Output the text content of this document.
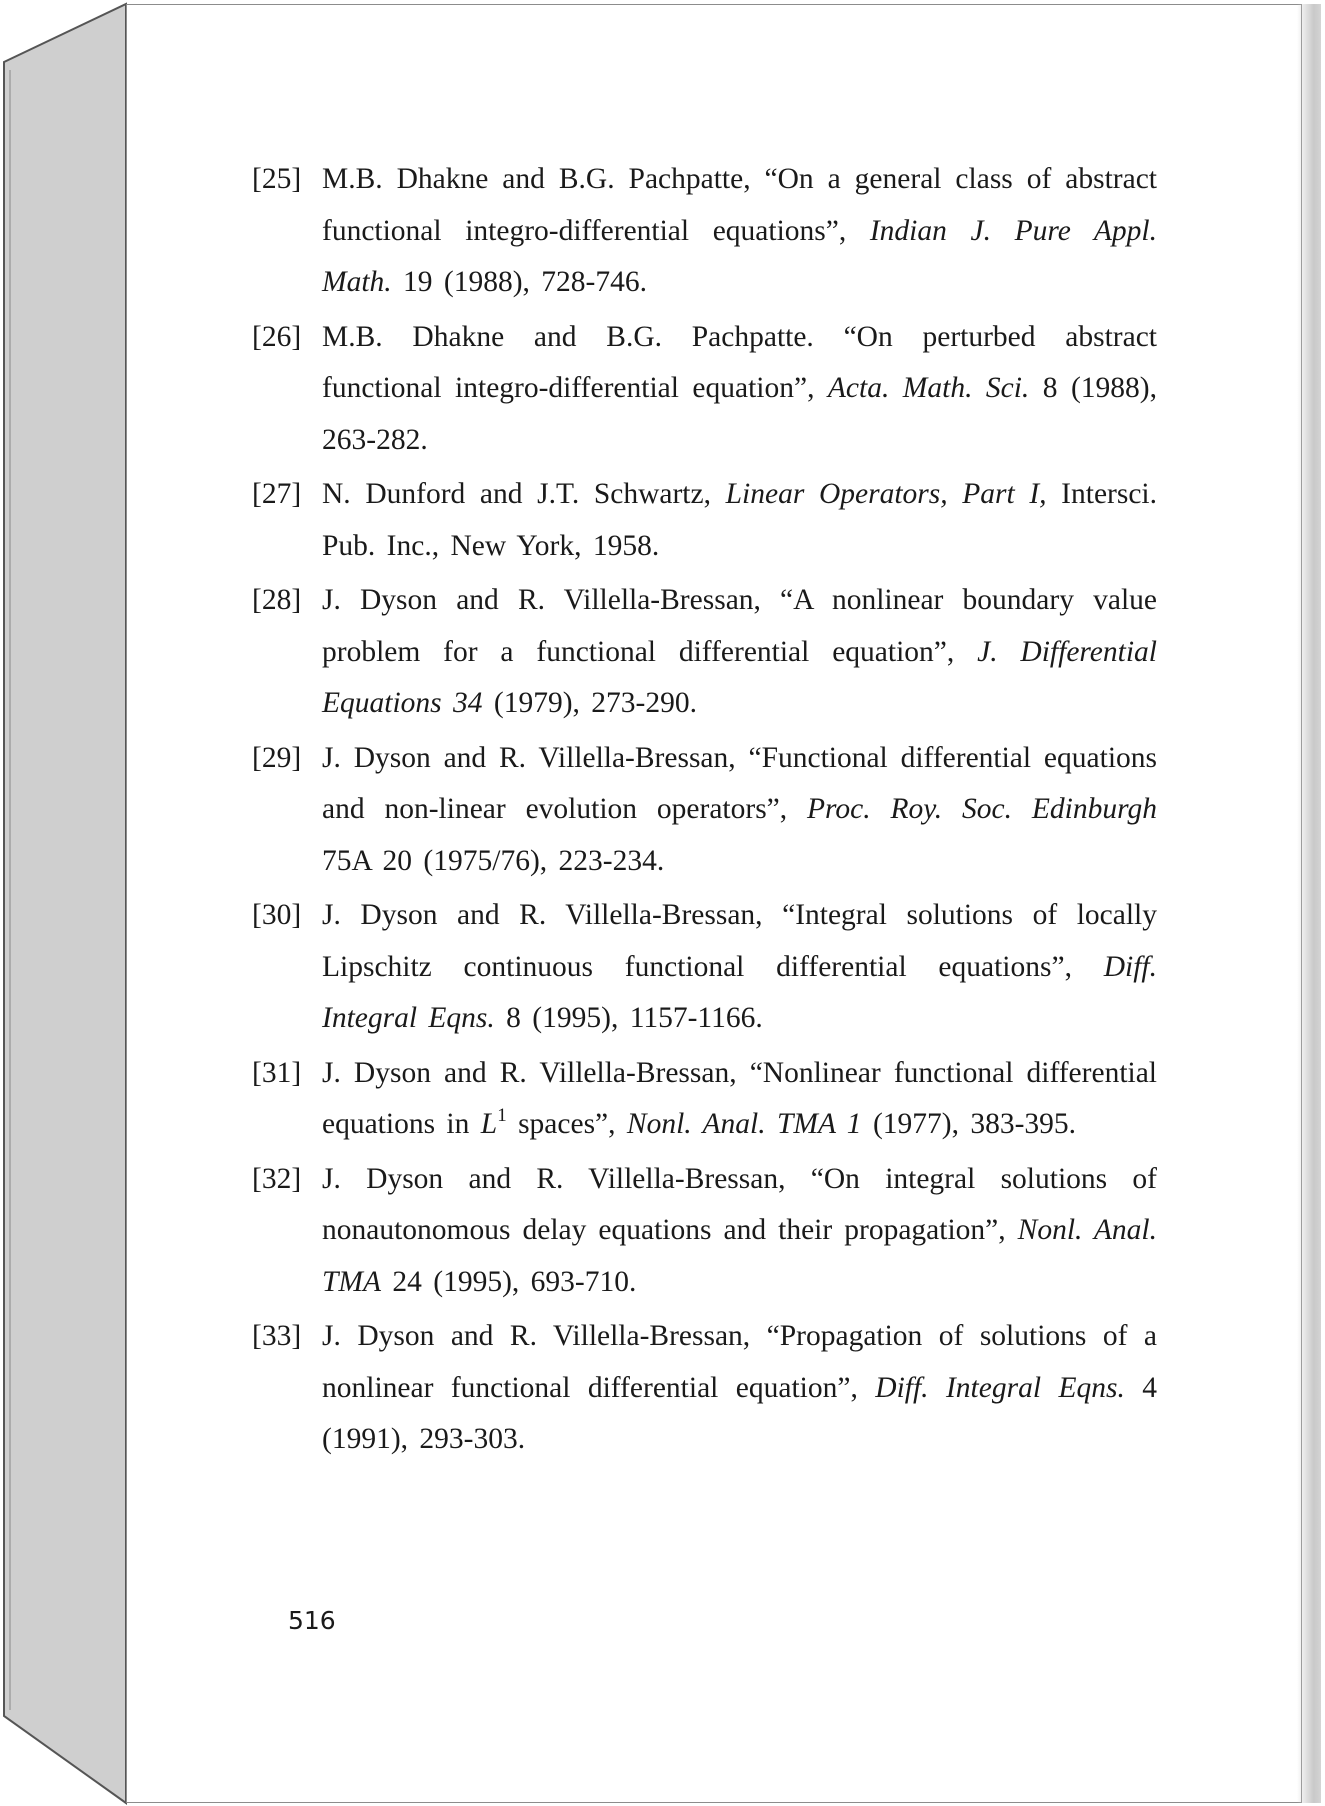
[25] M.B. Dhakne and B.G. Pachpatte, “On a general class of abstract functional integro-differential equations”, Indian J. Pure Appl. Math. 19 (1988), 728-746.
[26] M.B. Dhakne and B.G. Pachpatte. “On perturbed abstract functional integro-differential equation”, Acta. Math. Sci. 8 (1988), 263-282.
[27] N. Dunford and J.T. Schwartz, Linear Operators, Part I, Intersci. Pub. Inc., New York, 1958.
[28] J. Dyson and R. Villella-Bressan, “A nonlinear boundary value problem for a functional differential equation”, J. Differential Equations 34 (1979), 273-290.
[29] J. Dyson and R. Villella-Bressan, “Functional differential equations and non-linear evolution operators”, Proc. Roy. Soc. Edinburgh 75A 20 (1975/76), 223-234.
[30] J. Dyson and R. Villella-Bressan, “Integral solutions of locally Lipschitz continuous functional differential equations”, Diff. Integral Eqns. 8 (1995), 1157-1166.
[31] J. Dyson and R. Villella-Bressan, “Nonlinear functional differential equations in $L^1$ spaces”, Nonl. Anal. TMA 1 (1977), 383-395.
[32] J. Dyson and R. Villella-Bressan, “On integral solutions of nonautonomous delay equations and their propagation”, Nonl. Anal. TMA 24 (1995), 693-710.
[33] J. Dyson and R. Villella-Bressan, “Propagation of solutions of a nonlinear functional differential equation”, Diff. Integral Eqns. 4 (1991), 293-303.
516
